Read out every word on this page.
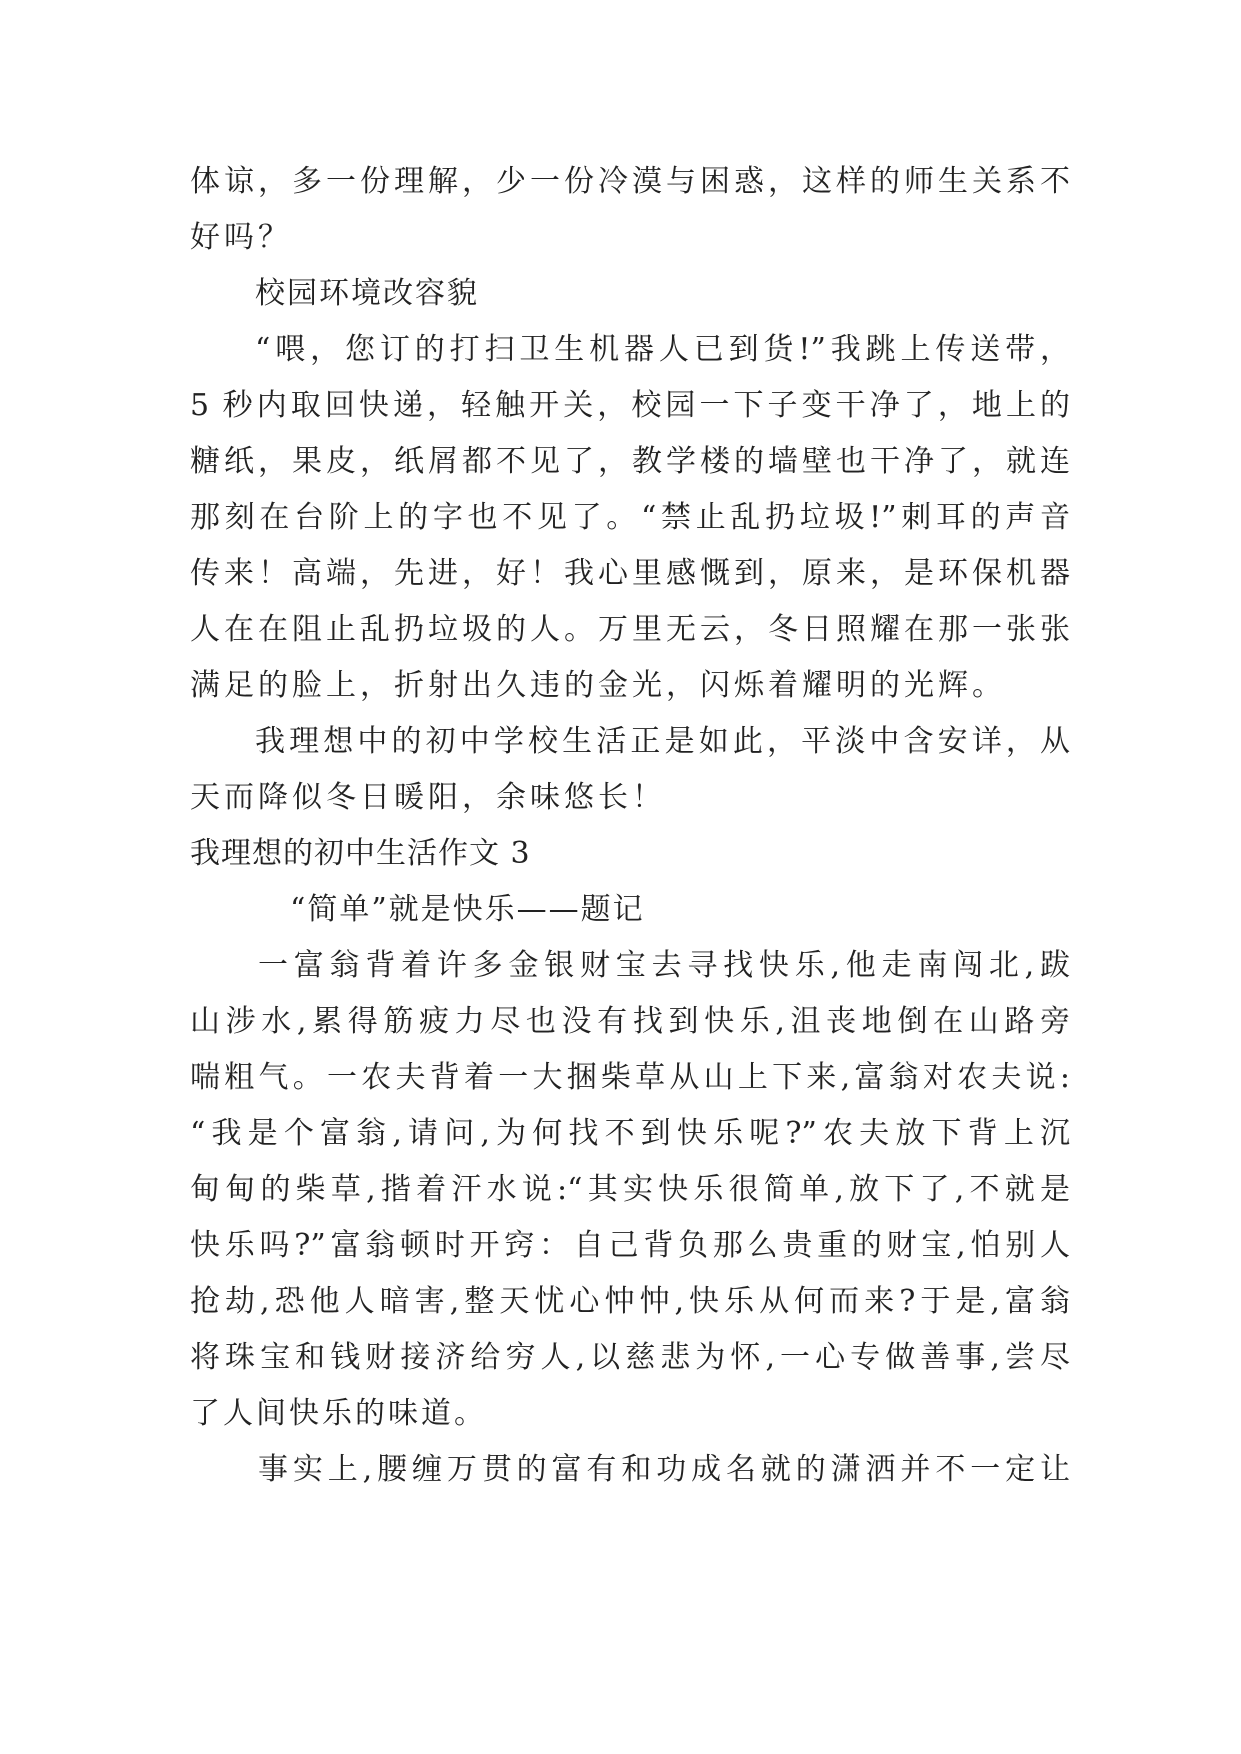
体谅，多一份理解，少一份冷漠与困惑，这样的师生关系不
好吗？
校园环境改容貌
“喂，您订的打扫卫生机器人已到货!”我跳上传送带，
5 秒内取回快递，轻触开关，校园一下子变干净了，地上的
糖纸，果皮，纸屑都不见了，教学楼的墙壁也干净了，就连
那刻在台阶上的字也不见了。“禁止乱扔垃圾!”刺耳的声音
传来！高端，先进，好！我心里感慨到，原来，是环保机器
人在在阻止乱扔垃圾的人。万里无云，冬日照耀在那一张张
满足的脸上，折射出久违的金光，闪烁着耀明的光辉。
我理想中的初中学校生活正是如此，平淡中含安详，从
天而降似冬日暖阳，余味悠长！
我理想的初中生活作文 3
“简单”就是快乐——题记
一富翁背着许多金银财宝去寻找快乐,他走南闯北,跋
山涉水,累得筋疲力尽也没有找到快乐,沮丧地倒在山路旁
喘粗气。一农夫背着一大捆柴草从山上下来,富翁对农夫说:
“我是个富翁,请问,为何找不到快乐呢?”农夫放下背上沉
甸甸的柴草,揩着汗水说:“其实快乐很简单,放下了,不就是
快乐吗?”富翁顿时开窍：自己背负那么贵重的财宝,怕别人
抢劫,恐他人暗害,整天忧心忡忡,快乐从何而来?于是,富翁
将珠宝和钱财接济给穷人,以慈悲为怀,一心专做善事,尝尽
了人间快乐的味道。
事实上,腰缠万贯的富有和功成名就的潇洒并不一定让
